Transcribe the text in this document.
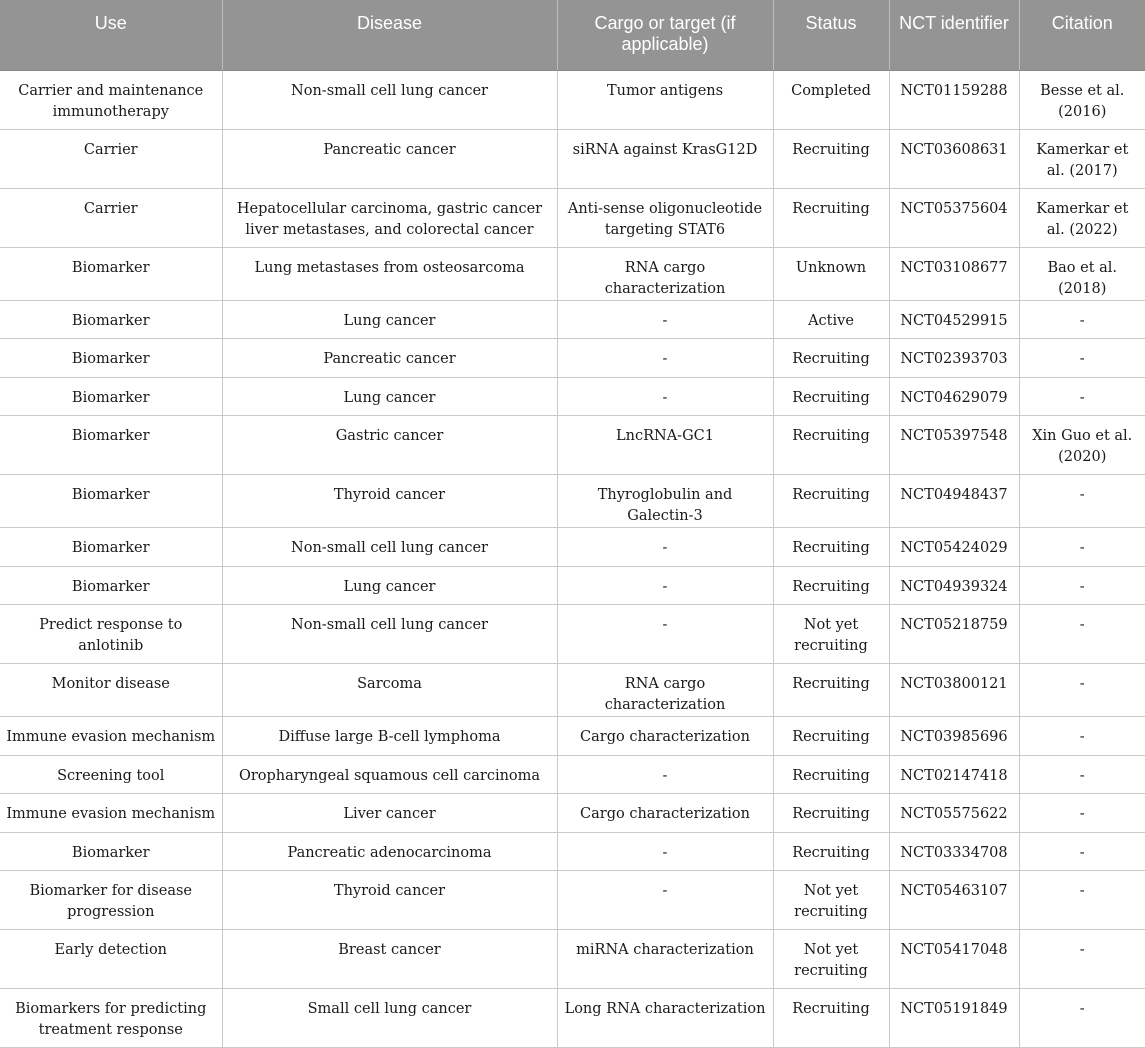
Use	Disease	Cargo or target (if applicable)	Status	NCT identifier	Citation
Carrier and maintenance immunotherapy	Non-small cell lung cancer	Tumor antigens	Completed	NCT01159288	Besse et al. (2016)
Carrier	Pancreatic cancer	siRNA against KrasG12D	Recruiting	NCT03608631	Kamerkar et al. (2017)
Carrier	Hepatocellular carcinoma, gastric cancer liver metastases, and colorectal cancer	Anti-sense oligonucleotide targeting STAT6	Recruiting	NCT05375604	Kamerkar et al. (2022)
Biomarker	Lung metastases from osteosarcoma	RNA cargo characterization	Unknown	NCT03108677	Bao et al. (2018)
Biomarker	Lung cancer	-	Active	NCT04529915	-
Biomarker	Pancreatic cancer	-	Recruiting	NCT02393703	-
Biomarker	Lung cancer	-	Recruiting	NCT04629079	-
Biomarker	Gastric cancer	LncRNA-GC1	Recruiting	NCT05397548	Xin Guo et al. (2020)
Biomarker	Thyroid cancer	Thyroglobulin and Galectin-3	Recruiting	NCT04948437	-
Biomarker	Non-small cell lung cancer	-	Recruiting	NCT05424029	-
Biomarker	Lung cancer	-	Recruiting	NCT04939324	-
Predict response to anlotinib	Non-small cell lung cancer	-	Not yet recruiting	NCT05218759	-
Monitor disease	Sarcoma	RNA cargo characterization	Recruiting	NCT03800121	-
Immune evasion mechanism	Diffuse large B-cell lymphoma	Cargo characterization	Recruiting	NCT03985696	-
Screening tool	Oropharyngeal squamous cell carcinoma	-	Recruiting	NCT02147418	-
Immune evasion mechanism	Liver cancer	Cargo characterization	Recruiting	NCT05575622	-
Biomarker	Pancreatic adenocarcinoma	-	Recruiting	NCT03334708	-
Biomarker for disease progression	Thyroid cancer	-	Not yet recruiting	NCT05463107	-
Early detection	Breast cancer	miRNA characterization	Not yet recruiting	NCT05417048	-
Biomarkers for predicting treatment response	Small cell lung cancer	Long RNA characterization	Recruiting	NCT05191849	-
